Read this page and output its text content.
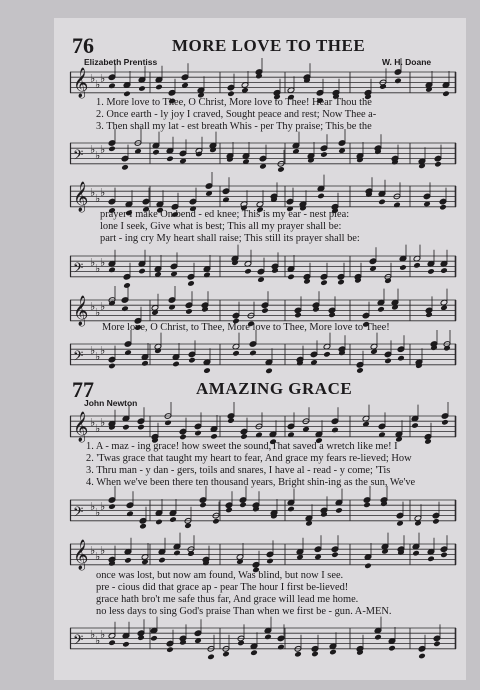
76	MORE LOVE TO THEE
Elizabeth Prentiss	W. H. Doane
𝄞 ♭ ♭ ♭
1. More love to Thee, O Christ, More love to Thee! Hear Thou the
2. Once earth - ly joy I craved, Sought peace and rest; Now Thee a-
3. Then shall my lat - est breath Whis - per Thy praise; This be the
𝄢 ♭ ♭ ♭
𝄞 ♭ ♭ ♭
prayer I make On bend - ed knee; This is my ear - nest plea:
lone I seek, Give what is best; This all my prayer shall be:
part - ing cry My heart shall raise; This still its prayer shall be:
𝄢 ♭ ♭ ♭
𝄞 ♭ ♭ ♭
More love, O Christ, to Thee, More love to Thee, More love to Thee!
𝄢 ♭ ♭ ♭
77	AMAZING GRACE
John Newton
𝄞 ♭ ♭ ♭
1. A - maz - ing grace! how sweet the sound,That saved a wretch like me! I
2. 'Twas grace that taught my heart to fear, And grace my fears re-lieved; How
3. Thru man - y dan - gers, toils and snares, I have al - read - y come; 'Tis
4. When we've been there ten thousand years, Bright shin-ing as the sun, We've
𝄢 ♭ ♭ ♭
𝄞 ♭ ♭ ♭
once was lost, but now am found, Was blind, but now I see.
pre - cious did that grace ap - pear The hour I first be-lieved!
grace hath bro't me safe thus far, And grace will lead me home.
no less days to sing God's praise Than when we first be - gun. A-MEN.
𝄢 ♭ ♭ ♭
